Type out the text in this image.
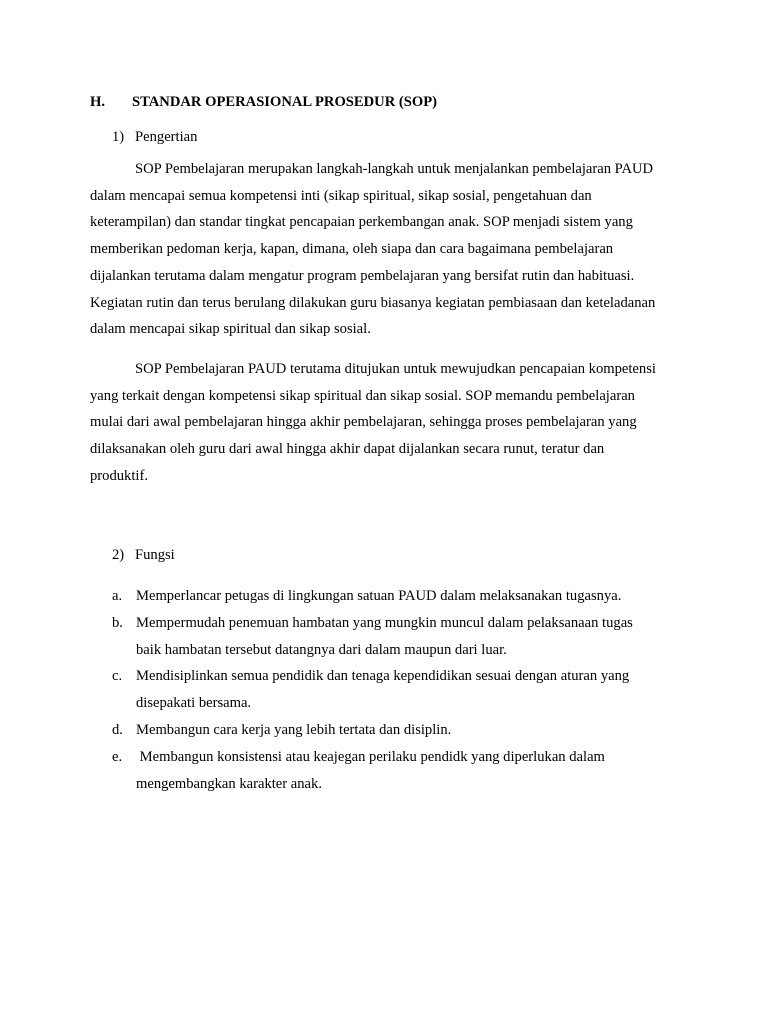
H. STANDAR OPERASIONAL PROSEDUR (SOP)
1) Pengertian
SOP Pembelajaran merupakan langkah-langkah untuk menjalankan pembelajaran PAUD
dalam mencapai semua kompetensi inti (sikap spiritual, sikap sosial, pengetahuan dan
keterampilan) dan standar tingkat pencapaian perkembangan anak. SOP menjadi sistem yang
memberikan pedoman kerja, kapan, dimana, oleh siapa dan cara bagaimana pembelajaran
dijalankan terutama dalam mengatur program pembelajaran yang bersifat rutin dan habituasi.
Kegiatan rutin dan terus berulang dilakukan guru biasanya kegiatan pembiasaan dan keteladanan
dalam mencapai sikap spiritual dan sikap sosial.
SOP Pembelajaran PAUD terutama ditujukan untuk mewujudkan pencapaian kompetensi
yang terkait dengan kompetensi sikap spiritual dan sikap sosial. SOP memandu pembelajaran
mulai dari awal pembelajaran hingga akhir pembelajaran, sehingga proses pembelajaran yang
dilaksanakan oleh guru dari awal hingga akhir dapat dijalankan secara runut, teratur dan
produktif.
2) Fungsi
a. Memperlancar petugas di lingkungan satuan PAUD dalam melaksanakan tugasnya.
b. Mempermudah penemuan hambatan yang mungkin muncul dalam pelaksanaan tugas
baik hambatan tersebut datangnya dari dalam maupun dari luar.
c. Mendisiplinkan semua pendidik dan tenaga kependidikan sesuai dengan aturan yang
disepakati bersama.
d. Membangun cara kerja yang lebih tertata dan disiplin.
e. Membangun konsistensi atau keajegan perilaku pendidk yang diperlukan dalam
mengembangkan karakter anak.
